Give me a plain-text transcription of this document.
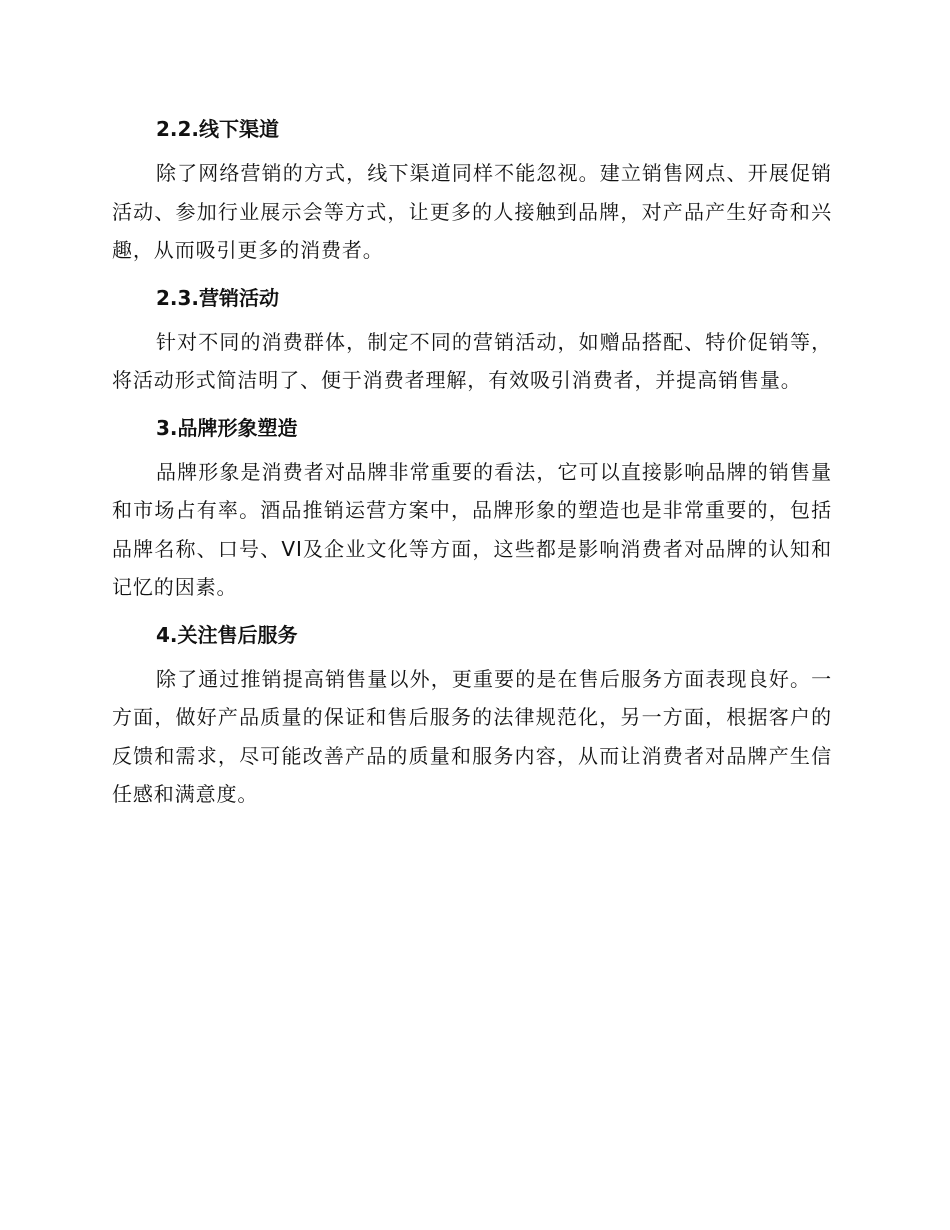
2.2.线下渠道

除了网络营销的方式，线下渠道同样不能忽视。建立销售网点、开展促销活动、参加行业展示会等方式，让更多的人接触到品牌，对产品产生好奇和兴趣，从而吸引更多的消费者。

2.3.营销活动

针对不同的消费群体，制定不同的营销活动，如赠品搭配、特价促销等，将活动形式简洁明了、便于消费者理解，有效吸引消费者，并提高销售量。

3.品牌形象塑造

品牌形象是消费者对品牌非常重要的看法，它可以直接影响品牌的销售量和市场占有率。酒品推销运营方案中，品牌形象的塑造也是非常重要的，包括品牌名称、口号、VI及企业文化等方面，这些都是影响消费者对品牌的认知和记忆的因素。

4.关注售后服务

除了通过推销提高销售量以外，更重要的是在售后服务方面表现良好。一方面，做好产品质量的保证和售后服务的法律规范化，另一方面，根据客户的反馈和需求，尽可能改善产品的质量和服务内容，从而让消费者对品牌产生信任感和满意度。
